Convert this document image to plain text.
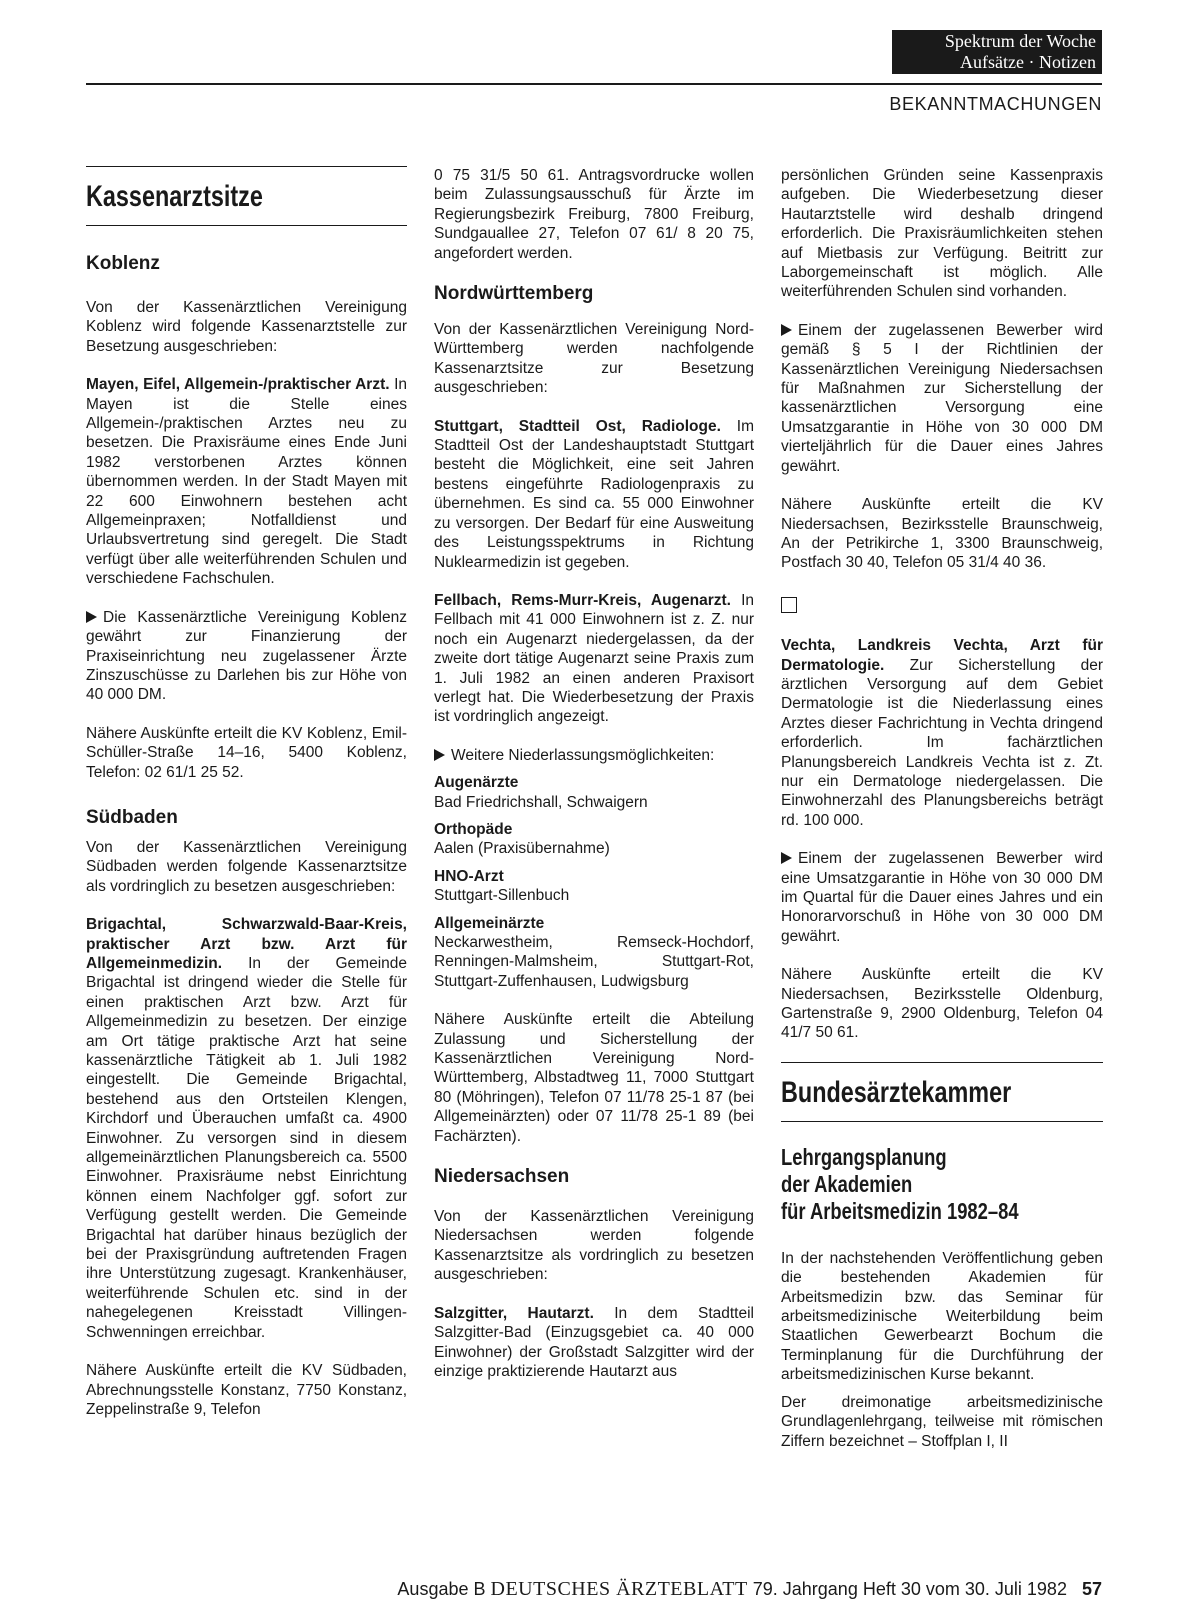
Spektrum der Woche
Aufsätze · Notizen
BEKANNTMACHUNGEN
Kassenarztsitze
Koblenz

Von der Kassenärztlichen Vereinigung Koblenz wird folgende Kassenarztstelle zur Besetzung ausgeschrieben:

Mayen, Eifel, Allgemein-/praktischer Arzt. In Mayen ist die Stelle eines Allgemein-/praktischen Arztes neu zu besetzen. Die Praxisräume eines Ende Juni 1982 verstorbenen Arztes können übernommen werden. In der Stadt Mayen mit 22 600 Einwohnern bestehen acht Allgemeinpraxen; Notfalldienst und Urlaubsvertretung sind geregelt. Die Stadt verfügt über alle weiterführenden Schulen und verschiedene Fachschulen.

Die Kassenärztliche Vereinigung Koblenz gewährt zur Finanzierung der Praxiseinrichtung neu zugelassener Ärzte Zinszuschüsse zu Darlehen bis zur Höhe von 40 000 DM.

Nähere Auskünfte erteilt die KV Koblenz, Emil-Schüller-Straße 14–16, 5400 Koblenz, Telefon: 02 61/1 25 52.

Südbaden

Von der Kassenärztlichen Vereinigung Südbaden werden folgende Kassenarztsitze als vordringlich zu besetzen ausgeschrieben:

Brigachtal, Schwarzwald-Baar-Kreis, praktischer Arzt bzw. Arzt für Allgemeinmedizin. In der Gemeinde Brigachtal ist dringend wieder die Stelle für einen praktischen Arzt bzw. Arzt für Allgemeinmedizin zu besetzen. Der einzige am Ort tätige praktische Arzt hat seine kassenärztliche Tätigkeit ab 1. Juli 1982 eingestellt. Die Gemeinde Brigachtal, bestehend aus den Ortsteilen Klengen, Kirchdorf und Überauchen umfaßt ca. 4900 Einwohner. Zu versorgen sind in diesem allgemeinärztlichen Planungsbereich ca. 5500 Einwohner. Praxisräume nebst Einrichtung können einem Nachfolger ggf. sofort zur Verfügung gestellt werden. Die Gemeinde Brigachtal hat darüber hinaus bezüglich der bei der Praxisgründung auftretenden Fragen ihre Unterstützung zugesagt. Krankenhäuser, weiterführende Schulen etc. sind in der nahegelegenen Kreisstadt Villingen-Schwenningen erreichbar.

Nähere Auskünfte erteilt die KV Südbaden, Abrechnungsstelle Konstanz, 7750 Konstanz, Zeppelinstraße 9, Telefon

0 75 31/5 50 61. Antragsvordrucke wollen beim Zulassungsausschuß für Ärzte im Regierungsbezirk Freiburg, 7800 Freiburg, Sundgauallee 27, Telefon 07 61/ 8 20 75, angefordert werden.

Nordwürttemberg

Von der Kassenärztlichen Vereinigung Nord-Württemberg werden nachfolgende Kassenarztsitze zur Besetzung ausgeschrieben:

Stuttgart, Stadtteil Ost, Radiologe. Im Stadtteil Ost der Landeshauptstadt Stuttgart besteht die Möglichkeit, eine seit Jahren bestens eingeführte Radiologenpraxis zu übernehmen. Es sind ca. 55 000 Einwohner zu versorgen. Der Bedarf für eine Ausweitung des Leistungsspektrums in Richtung Nuklearmedizin ist gegeben.

Fellbach, Rems-Murr-Kreis, Augenarzt. In Fellbach mit 41 000 Einwohnern ist z. Z. nur noch ein Augenarzt niedergelassen, da der zweite dort tätige Augenarzt seine Praxis zum 1. Juli 1982 an einen anderen Praxisort verlegt hat. Die Wiederbesetzung der Praxis ist vordringlich angezeigt.

Weitere Niederlassungsmöglichkeiten:

Augenärzte
Bad Friedrichshall, Schwaigern

Orthopäde
Aalen (Praxisübernahme)

HNO-Arzt
Stuttgart-Sillenbuch

Allgemeinärzte
Neckarwestheim, Remseck-Hochdorf, Renningen-Malmsheim, Stuttgart-Rot, Stuttgart-Zuffenhausen, Ludwigsburg

Nähere Auskünfte erteilt die Abteilung Zulassung und Sicherstellung der Kassenärztlichen Vereinigung Nord-Württemberg, Albstadtweg 11, 7000 Stuttgart 80 (Möhringen), Telefon 07 11/78 25-1 87 (bei Allgemeinärzten) oder 07 11/78 25-1 89 (bei Fachärzten).

Niedersachsen

Von der Kassenärztlichen Vereinigung Niedersachsen werden folgende Kassenarztsitze als vordringlich zu besetzen ausgeschrieben:

Salzgitter, Hautarzt. In dem Stadtteil Salzgitter-Bad (Einzugsgebiet ca. 40 000 Einwohner) der Großstadt Salzgitter wird der einzige praktizierende Hautarzt aus

persönlichen Gründen seine Kassenpraxis aufgeben. Die Wiederbesetzung dieser Hautarztstelle wird deshalb dringend erforderlich. Die Praxisräumlichkeiten stehen auf Mietbasis zur Verfügung. Beitritt zur Laborgemeinschaft ist möglich. Alle weiterführenden Schulen sind vorhanden.

Einem der zugelassenen Bewerber wird gemäß § 5 I der Richtlinien der Kassenärztlichen Vereinigung Niedersachsen für Maßnahmen zur Sicherstellung der kassenärztlichen Versorgung eine Umsatzgarantie in Höhe von 30 000 DM vierteljährlich für die Dauer eines Jahres gewährt.

Nähere Auskünfte erteilt die KV Niedersachsen, Bezirksstelle Braunschweig, An der Petrikirche 1, 3300 Braunschweig, Postfach 30 40, Telefon 05 31/4 40 36.

Vechta, Landkreis Vechta, Arzt für Dermatologie. Zur Sicherstellung der ärztlichen Versorgung auf dem Gebiet Dermatologie ist die Niederlassung eines Arztes dieser Fachrichtung in Vechta dringend erforderlich. Im fachärztlichen Planungsbereich Landkreis Vechta ist z. Zt. nur ein Dermatologe niedergelassen. Die Einwohnerzahl des Planungsbereichs beträgt rd. 100 000.

Einem der zugelassenen Bewerber wird eine Umsatzgarantie in Höhe von 30 000 DM im Quartal für die Dauer eines Jahres und ein Honorarvorschuß in Höhe von 30 000 DM gewährt.

Nähere Auskünfte erteilt die KV Niedersachsen, Bezirksstelle Oldenburg, Gartenstraße 9, 2900 Oldenburg, Telefon 04 41/7 50 61.

Bundesärztekammer
Lehrgangsplanung
der Akademien
für Arbeitsmedizin 1982–84

In der nachstehenden Veröffentlichung geben die bestehenden Akademien für Arbeitsmedizin bzw. das Seminar für arbeitsmedizinische Weiterbildung beim Staatlichen Gewerbearzt Bochum die Terminplanung für die Durchführung der arbeitsmedizinischen Kurse bekannt.

Der dreimonatige arbeitsmedizinische Grundlagenlehrgang, teilweise mit römischen Ziffern bezeichnet – Stoffplan I, II

Ausgabe B DEUTSCHES ÄRZTEBLATT 79. Jahrgang Heft 30 vom 30. Juli 1982 57
